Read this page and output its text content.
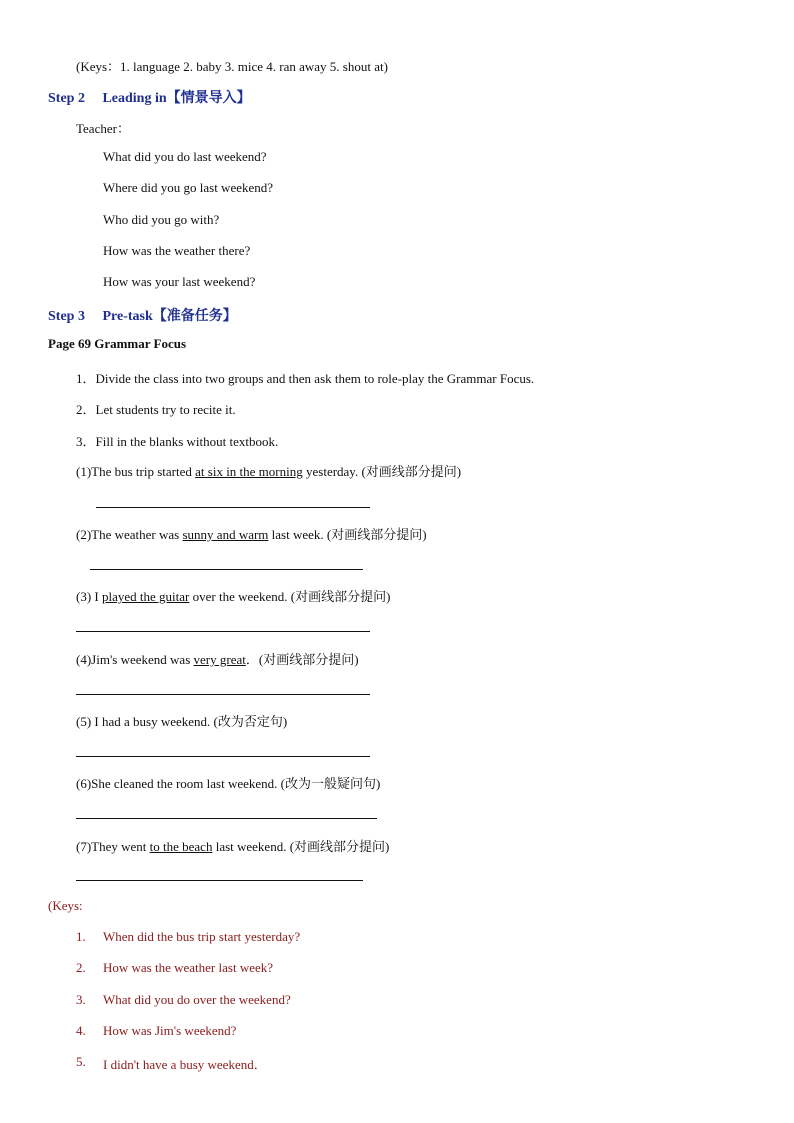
(Keys：1. language 2. baby 3. mice 4. ran away 5. shout at)
Step 2　 Leading in【情景导入】
Teacher：
What did you do last weekend?
Where did you go last weekend?
Who did you go with?
How was the weather there?
How was your last weekend?
Step 3　 Pre-task【准备任务】
Page 69 Grammar Focus
1．Divide the class into two groups and then ask them to role-play the Grammar Focus.
2．Let students try to recite it.
3．Fill in the blanks without textbook.
(1)The bus trip started at six in the morning yesterday. (对画线部分提问)
(2)The weather was sunny and warm last week. (对画线部分提问)
(3) I played the guitar over the weekend. (对画线部分提问)
(4)Jim's weekend was very great．(对画线部分提问)
(5) I had a busy weekend. (改为否定句)
(6)She cleaned the room last weekend. (改为一般疑问句)
(7)They went to the beach last weekend. (对画线部分提问)
(Keys:
1. When did the bus trip start yesterday?
2. How was the weather last week?
3. What did you do over the weekend?
4. How was Jim's weekend?
5. I didn't have a busy weekend．
